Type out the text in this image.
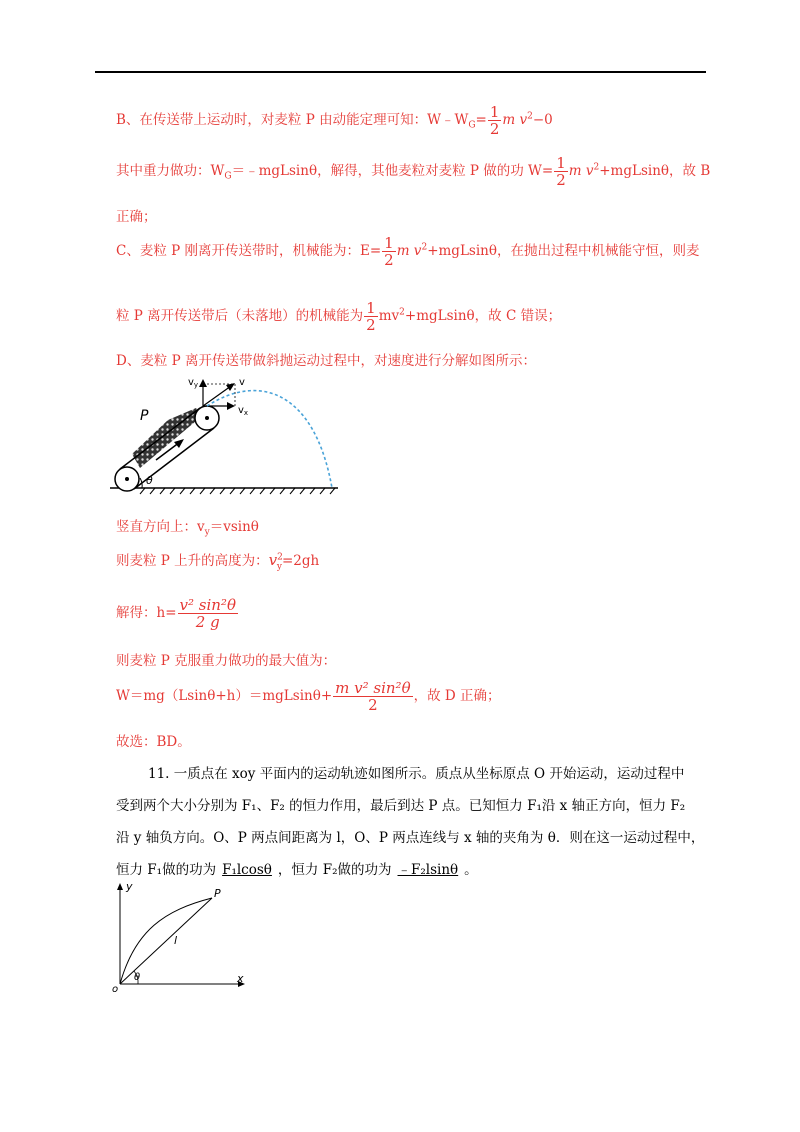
B、在传送带上运动时，对麦粒 P 由动能定理可知：$W﹣W_G= \frac{1}{2}$ m $v^2-0$
其中重力做功：$W_G=﹣mgLsin\theta$，解得，其他麦粒对麦粒 P 做的功 $W= \frac{1}{2}$ m $v^2+mgLsin\theta$，故 B
正确；
C、麦粒 P 刚离开传送带时，机械能为：$E= \frac{1}{2}$ m $v^2+mgLsin\theta$，在抛出过程中机械能守恒，则麦
粒 P 离开传送带后（未落地）的机械能为 $\frac{1}{2} mv^2+mgLsin\theta$，故 C 错误；
D、麦粒 P 离开传送带做斜抛运动过程中，对速度进行分解如图所示：
θ
P
$v_y$	v
$v_x$
竖直方向上：$v_y=vsin\theta$
则麦粒 P 上升的高度为：$v^2_y=2gh$
解得：$h= \frac{\text{v² sin²θ}}{2 g}$
则麦粒 P 克服重力做功的最大值为：
$W=mg(Lsin\theta+h)=mgLsin\theta+ \frac{\text{m v² sin²θ}}{2}$ ，故 D 正确；
故选：BD。
11. 一质点在 xoy 平面内的运动轨迹如图所示。质点从坐标原点 O 开始运动，运动过程中
受到两个大小分别为 F₁、F₂ 的恒力作用，最后到达 P 点。已知恒力 F₁沿 x 轴正方向，恒力 F₂
沿 y 轴负方向。O、P 两点间距离为 l，O、P 两点连线与 x 轴的夹角为 θ．则在这一运动过程中，
恒力 F₁做的功为 F₁lcosθ ，恒力 F₂做的功为 ﹣F₂lsinθ 。
y
x
P
o
l
θ
